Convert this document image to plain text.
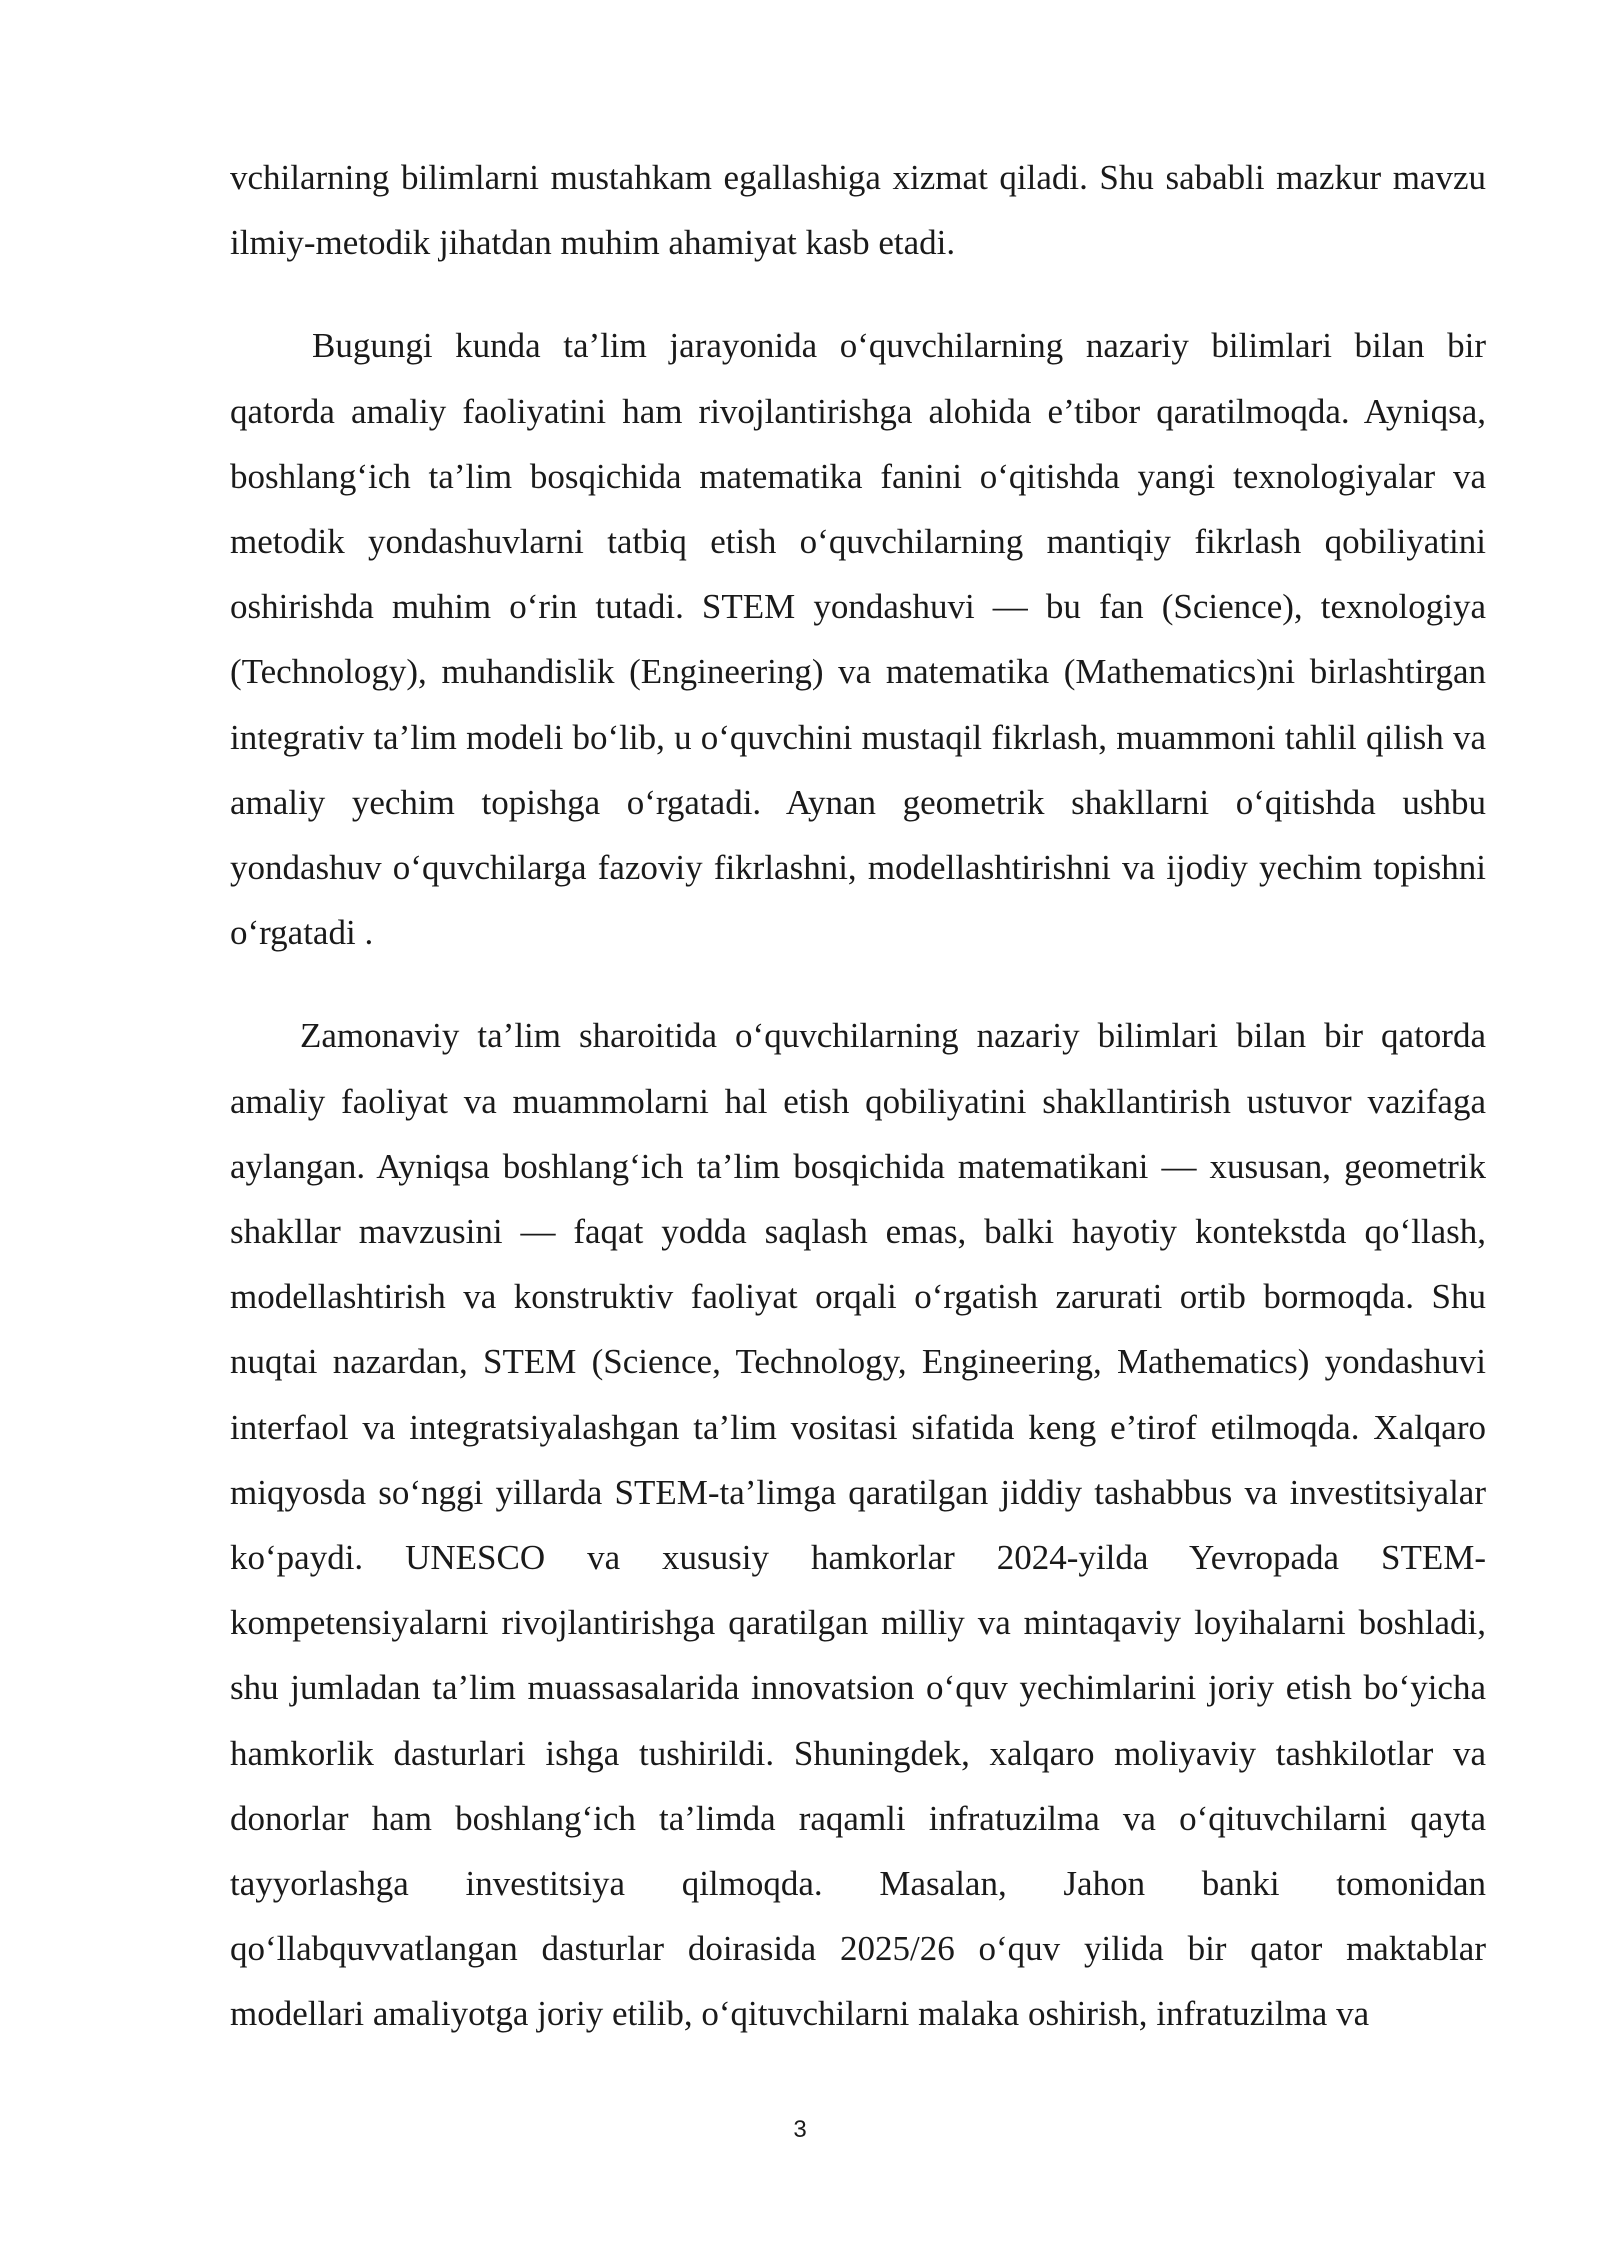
vchilarning bilimlarni mustahkam egallashiga xizmat qiladi. Shu sababli mazkur mavzu ilmiy-metodik jihatdan muhim ahamiyat kasb etadi.

Bugungi kunda ta’lim jarayonida o‘quvchilarning nazariy bilimlari bilan bir qatorda amaliy faoliyatini ham rivojlantirishga alohida e’tibor qaratilmoqda. Ayniqsa, boshlang‘ich ta’lim bosqichida matematika fanini o‘qitishda yangi texnologiyalar va metodik yondashuvlarni tatbiq etish o‘quvchilarning mantiqiy fikrlash qobiliyatini oshirishda muhim o‘rin tutadi. STEM yondashuvi — bu fan (Science), texnologiya (Technology), muhandislik (Engineering) va matematika (Mathematics)ni birlashtirgan integrativ ta’lim modeli bo‘lib, u o‘quvchini mustaqil fikrlash, muammoni tahlil qilish va amaliy yechim topishga o‘rgatadi. Aynan geometrik shakllarni o‘qitishda ushbu yondashuv o‘quvchilarga fazoviy fikrlashni, modellashtirishni va ijodiy yechim topishni o‘rgatadi .

Zamonaviy ta’lim sharoitida o‘quvchilarning nazariy bilimlari bilan bir qatorda amaliy faoliyat va muammolarni hal etish qobiliyatini shakllantirish ustuvor vazifaga aylangan. Ayniqsa boshlang‘ich ta’lim bosqichida matematikani — xususan, geometrik shakllar mavzusini — faqat yodda saqlash emas, balki hayotiy kontekstda qo‘llash, modellashtirish va konstruktiv faoliyat orqali o‘rgatish zarurati ortib bormoqda. Shu nuqtai nazardan, STEM (Science, Technology, Engineering, Mathematics) yondashuvi interfaol va integratsiyalashgan ta’lim vositasi sifatida keng e’tirof etilmoqda. Xalqaro miqyosda so‘nggi yillarda STEM-ta’limga qaratilgan jiddiy tashabbus va investitsiyalar ko‘paydi. UNESCO va xususiy hamkorlar 2024-yilda Yevropada STEM-kompetensiyalarni rivojlantirishga qaratilgan milliy va mintaqaviy loyihalarni boshladi, shu jumladan ta’lim muassasalarida innovatsion o‘quv yechimlarini joriy etish bo‘yicha hamkorlik dasturlari ishga tushirildi. Shuningdek, xalqaro moliyaviy tashkilotlar va donorlar ham boshlang‘ich ta’limda raqamli infratuzilma va o‘qituvchilarni qayta tayyorlashga investitsiya qilmoqda. Masalan, Jahon banki tomonidan qo‘llabquvvatlangan dasturlar doirasida 2025/26 o‘quv yilida bir qator maktablar modellari amaliyotga joriy etilib, o‘qituvchilarni malaka oshirish, infratuzilma va

3
